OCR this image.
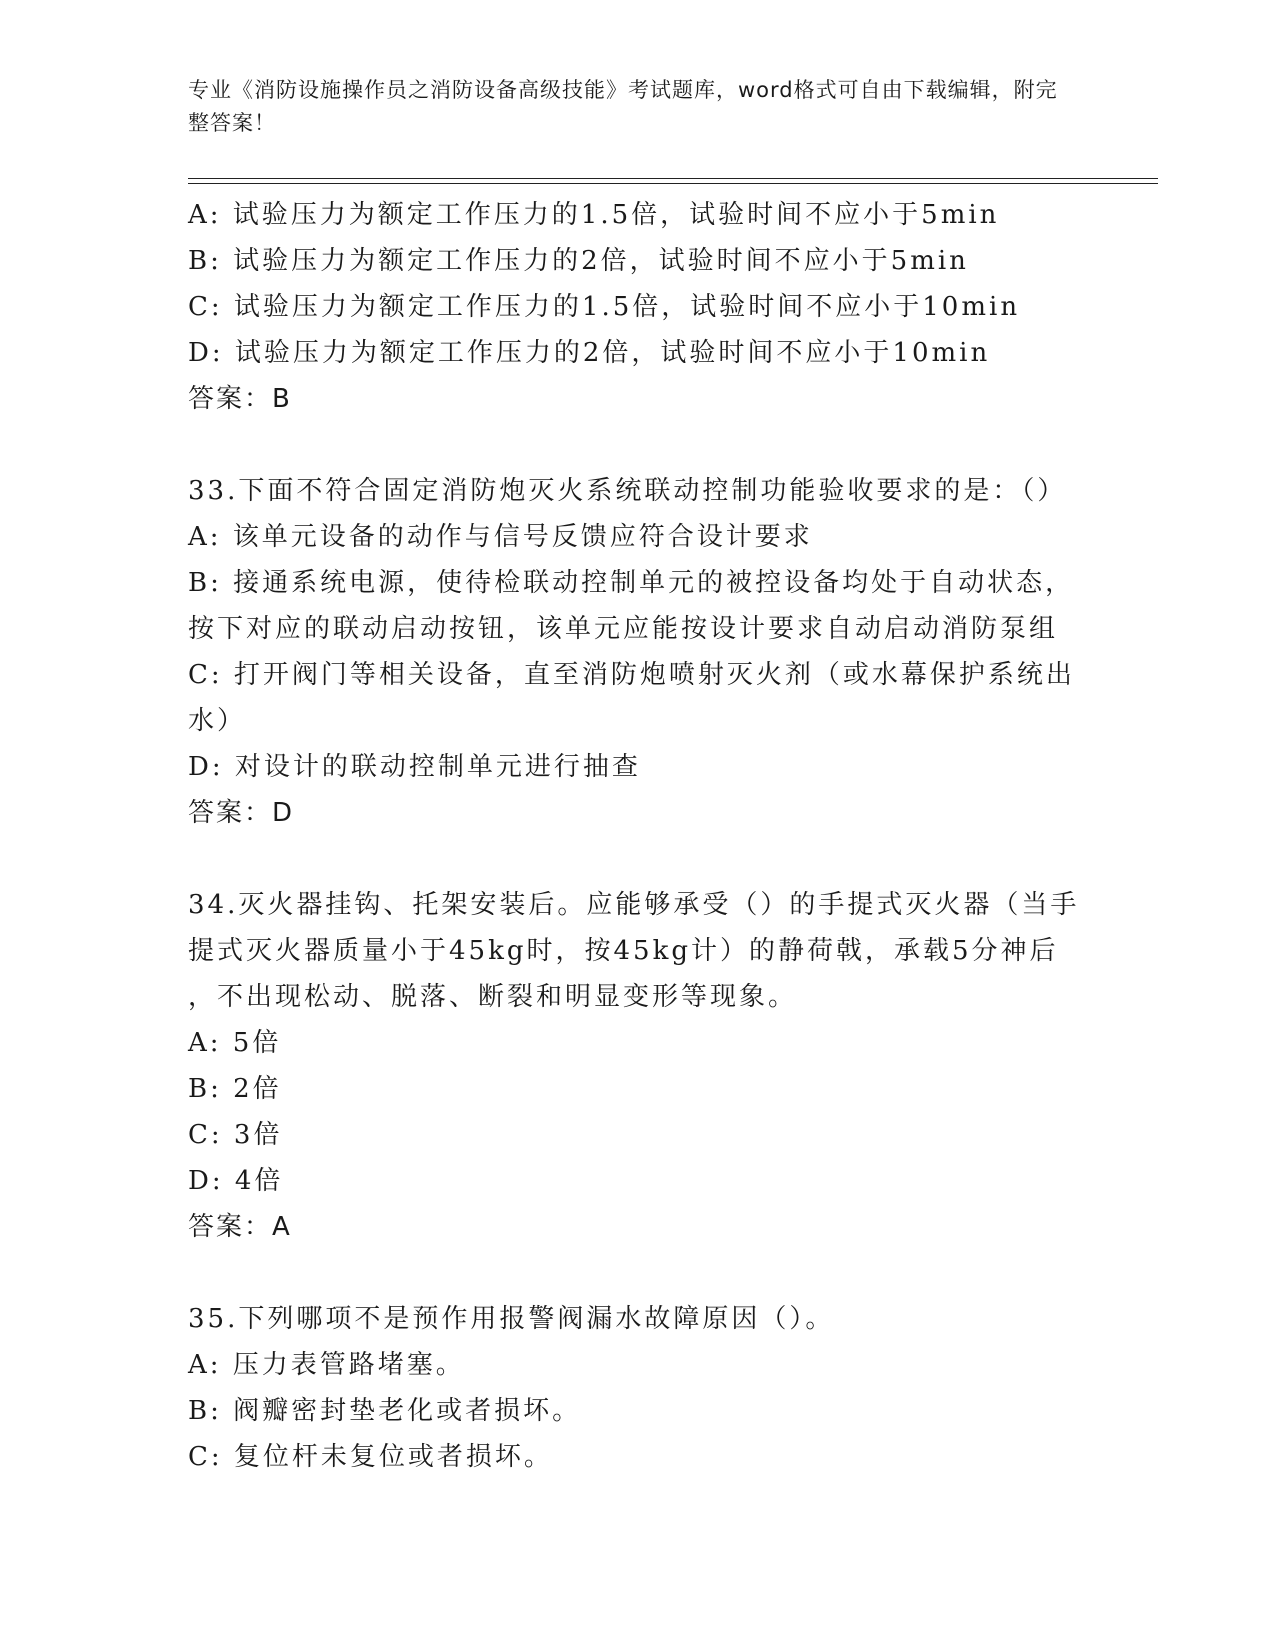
专业《消防设施操作员之消防设备高级技能》考试题库，word格式可自由下载编辑，附完整答案！
A: 试验压力为额定工作压力的1.5倍，试验时间不应小于5min
B: 试验压力为额定工作压力的2倍，试验时间不应小于5min
C: 试验压力为额定工作压力的1.5倍，试验时间不应小于10min
D: 试验压力为额定工作压力的2倍，试验时间不应小于10min
答案：B
33.下面不符合固定消防炮灭火系统联动控制功能验收要求的是：（）
A: 该单元设备的动作与信号反馈应符合设计要求
B: 接通系统电源，使待检联动控制单元的被控设备均处于自动状态，
按下对应的联动启动按钮，该单元应能按设计要求自动启动消防泵组
C: 打开阀门等相关设备，直至消防炮喷射灭火剂（或水幕保护系统出
水）
D: 对设计的联动控制单元进行抽查
答案：D
34.灭火器挂钩、托架安装后。应能够承受（）的手提式灭火器（当手
提式灭火器质量小于45kg时，按45kg计）的静荷戟，承载5分神后
，不出现松动、脱落、断裂和明显变形等现象。
A: 5倍
B: 2倍
C: 3倍
D: 4倍
答案：A
35.下列哪项不是预作用报警阀漏水故障原因（）。
A: 压力表管路堵塞。
B: 阀瓣密封垫老化或者损坏。
C: 复位杆未复位或者损坏。
